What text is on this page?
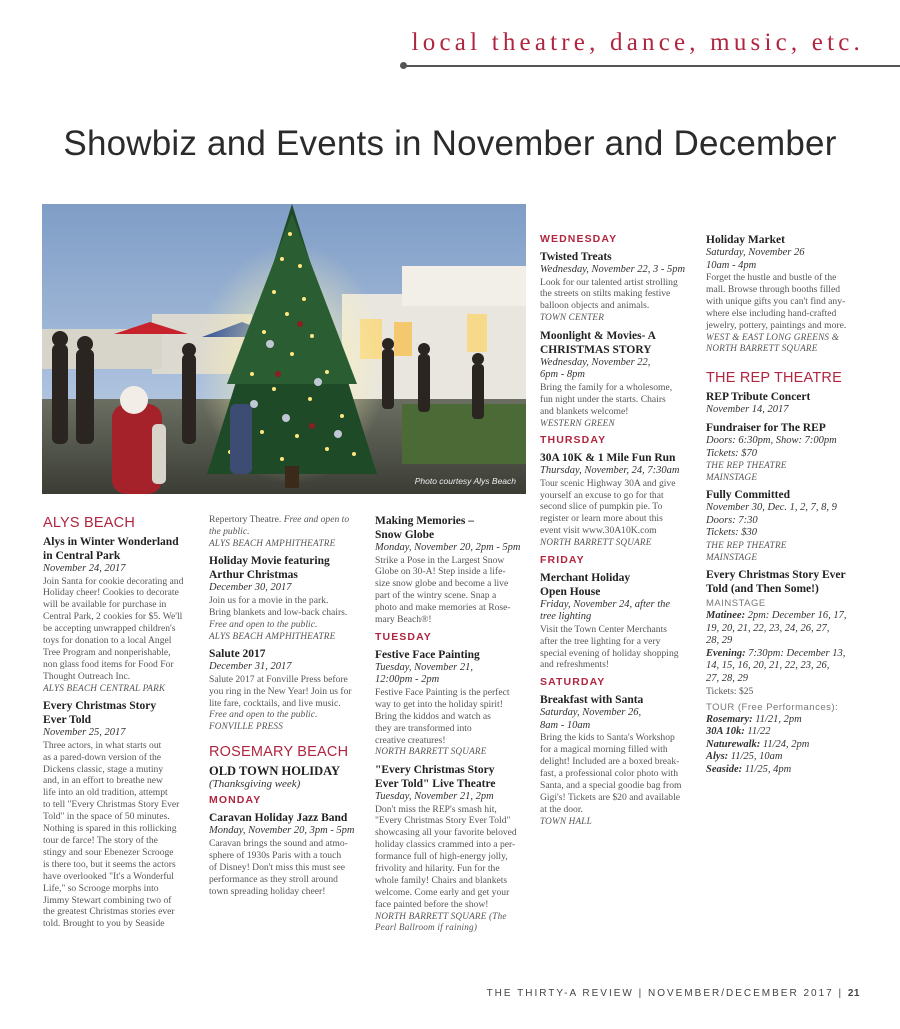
local theatre, dance, music, etc.
Showbiz and Events in November and December
Photo courtesy Alys Beach
ALYS BEACH
Alys in Winter Wonderland
in Central Park
November 24, 2017
Join Santa for cookie decorating and
Holiday cheer! Cookies to decorate
will be available for purchase in
Central Park, 2 cookies for $5. We'll
be accepting unwrapped children's
toys for donation to a local Angel
Tree Program and nonperishable,
non glass food items for Food For
Thought Outreach Inc.
ALYS BEACH CENTRAL PARK
Every Christmas Story
Ever Told
November 25, 2017
Three actors, in what starts out
as a pared-down version of the
Dickens classic, stage a mutiny
and, in an effort to breathe new
life into an old tradition, attempt
to tell "Every Christmas Story Ever
Told" in the space of 50 minutes.
Nothing is spared in this rollicking
tour de farce! The story of the
stingy and sour Ebenezer Scrooge
is there too, but it seems the actors
have overlooked "It's a Wonderful
Life," so Scrooge morphs into
Jimmy Stewart combining two of
the greatest Christmas stories ever
told. Brought to you by Seaside
Repertory Theatre. Free and open to
the public.
ALYS BEACH AMPHITHEATRE
Holiday Movie featuring
Arthur Christmas
December 30, 2017
Join us for a movie in the park.
Bring blankets and low-back chairs.
Free and open to the public.
ALYS BEACH AMPHITHEATRE
Salute 2017
December 31, 2017
Salute 2017 at Fonville Press before
you ring in the New Year! Join us for
lite fare, cocktails, and live music.
Free and open to the public.
FONVILLE PRESS
ROSEMARY BEACH
OLD TOWN HOLIDAY
(Thanksgiving week)
MONDAY
Caravan Holiday Jazz Band
Monday, November 20, 3pm - 5pm
Caravan brings the sound and atmo-
sphere of 1930s Paris with a touch
of Disney! Don't miss this must see
performance as they stroll around
town spreading holiday cheer!
Making Memories –
Snow Globe
Monday, November 20, 2pm - 5pm
Strike a Pose in the Largest Snow
Globe on 30-A! Step inside a life-
size snow globe and become a live
part of the wintry scene. Snap a
photo and make memories at Rose-
mary Beach®!
TUESDAY
Festive Face Painting
Tuesday, November 21,
12:00pm - 2pm
Festive Face Painting is the perfect
way to get into the holiday spirit!
Bring the kiddos and watch as
they are transformed into
creative creatures!
NORTH BARRETT SQUARE
"Every Christmas Story
Ever Told" Live Theatre
Tuesday, November 21, 2pm
Don't miss the REP's smash hit,
"Every Christmas Story Ever Told"
showcasing all your favorite beloved
holiday classics crammed into a per-
formance full of high-energy jolly,
frivolity and hilarity. Fun for the
whole family! Chairs and blankets
welcome. Come early and get your
face painted before the show!
NORTH BARRETT SQUARE (The
Pearl Ballroom if raining)
WEDNESDAY
Twisted Treats
Wednesday, November 22, 3 - 5pm
Look for our talented artist strolling
the streets on stilts making festive
balloon objects and animals.
TOWN CENTER
Moonlight & Movies- A
CHRISTMAS STORY
Wednesday, November 22,
6pm - 8pm
Bring the family for a wholesome,
fun night under the starts. Chairs
and blankets welcome!
WESTERN GREEN
THURSDAY
30A 10K & 1 Mile Fun Run
Thursday, November, 24, 7:30am
Tour scenic Highway 30A and give
yourself an excuse to go for that
second slice of pumpkin pie. To
register or learn more about this
event visit www.30A10K.com
NORTH BARRETT SQUARE
FRIDAY
Merchant Holiday
Open House
Friday, November 24, after the
tree lighting
Visit the Town Center Merchants
after the tree lighting for a very
special evening of holiday shopping
and refreshments!
SATURDAY
Breakfast with Santa
Saturday, November 26,
8am - 10am
Bring the kids to Santa's Workshop
for a magical morning filled with
delight! Included are a boxed break-
fast, a professional color photo with
Santa, and a special goodie bag from
Gigi's! Tickets are $20 and available
at the door.
TOWN HALL
Holiday Market
Saturday, November 26
10am - 4pm
Forget the hustle and bustle of the
mall. Browse through booths filled
with unique gifts you can't find any-
where else including hand-crafted
jewelry, pottery, paintings and more.
WEST & EAST LONG GREENS &
NORTH BARRETT SQUARE
THE REP THEATRE
REP Tribute Concert
November 14, 2017
Fundraiser for The REP
Doors: 6:30pm, Show: 7:00pm
Tickets: $70
THE REP THEATRE
MAINSTAGE
Fully Committed
November 30, Dec. 1, 2, 7, 8, 9
Doors: 7:30
Tickets: $30
THE REP THEATRE
MAINSTAGE
Every Christmas Story Ever
Told (and Then Some!)
MAINSTAGE
Matinee: 2pm: December 16, 17,
19, 20, 21, 22, 23, 24, 26, 27,
28, 29
Evening: 7:30pm: December 13,
14, 15, 16, 20, 21, 22, 23, 26,
27, 28, 29
Tickets: $25
TOUR (Free Performances):
Rosemary: 11/21, 2pm
30A 10k: 11/22
Naturewalk: 11/24, 2pm
Alys: 11/25, 10am
Seaside: 11/25, 4pm
THE THIRTY-A REVIEW | NOVEMBER/DECEMBER 2017 | 21
